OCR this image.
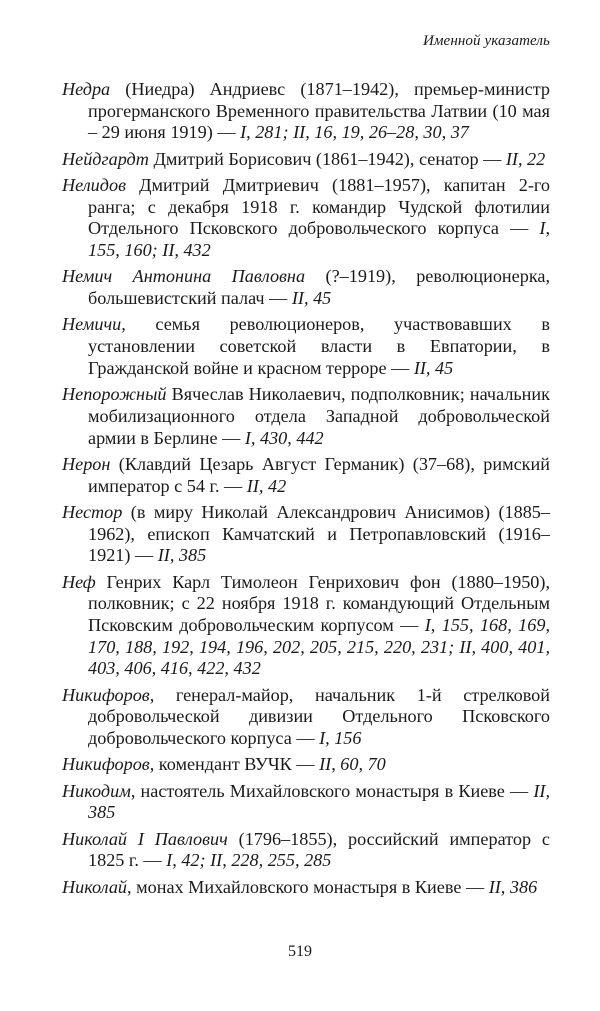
Именной указатель

Недра (Ниедра) Андриевс (1871–1942), премьер-министр прогерманского Временного правительства Латвии (10 мая – 29 июня 1919) — I, 281; II, 16, 19, 26–28, 30, 37

Нейдгардт Дмитрий Борисович (1861–1942), сенатор — II, 22

Нелидов Дмитрий Дмитриевич (1881–1957), капитан 2-го ранга; с декабря 1918 г. командир Чудской флотилии Отдельного Псковского добровольческого корпуса — I, 155, 160; II, 432

Немич Антонина Павловна (?–1919), революционерка, большевистский палач — II, 45

Немичи, семья революционеров, участвовавших в установлении советской власти в Евпатории, в Гражданской войне и красном терроре — II, 45

Непорожный Вячеслав Николаевич, подполковник; начальник мобилизационного отдела Западной добровольческой армии в Берлине — I, 430, 442

Нерон (Клавдий Цезарь Август Германик) (37–68), римский император с 54 г. — II, 42

Нестор (в миру Николай Александрович Анисимов) (1885–1962), епископ Камчатский и Петропавловский (1916–1921) — II, 385

Неф Генрих Карл Тимолеон Генрихович фон (1880–1950), полковник; с 22 ноября 1918 г. командующий Отдельным Псковским добровольческим корпусом — I, 155, 168, 169, 170, 188, 192, 194, 196, 202, 205, 215, 220, 231; II, 400, 401, 403, 406, 416, 422, 432

Никифоров, генерал-майор, начальник 1-й стрелковой добровольческой дивизии Отдельного Псковского добровольческого корпуса — I, 156

Никифоров, комендант ВУЧК — II, 60, 70

Никодим, настоятель Михайловского монастыря в Киеве — II, 385

Николай I Павлович (1796–1855), российский император с 1825 г. — I, 42; II, 228, 255, 285

Николай, монах Михайловского монастыря в Киеве — II, 386

519
